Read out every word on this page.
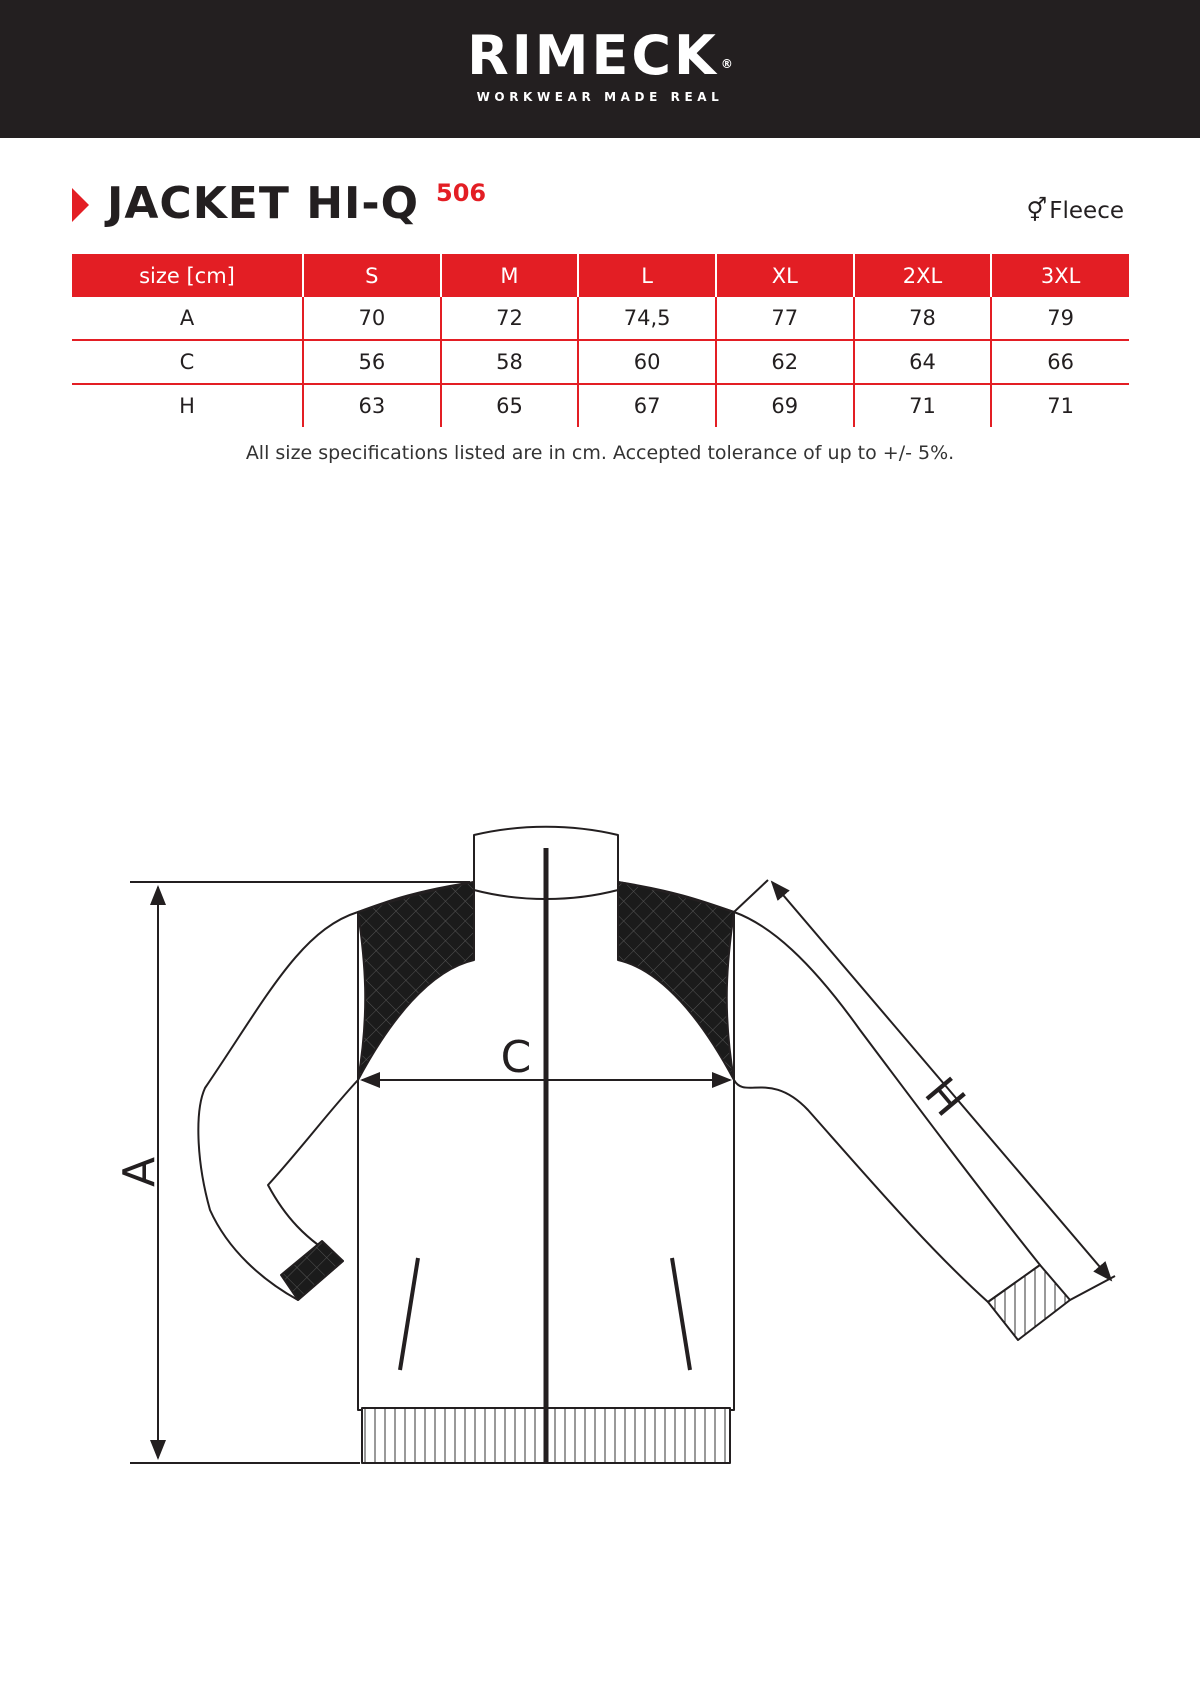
RIMECK ®
WORKWEAR MADE REAL
JACKET HI-Q 506
⚥Fleece
size [cm]	S	M	L	XL	2XL	3XL
A	70	72	74,5	77	78	79
C	56	58	60	62	64	66
H	63	65	67	69	71	71
All size specifications listed are in cm. Accepted tolerance of up to +/- 5%.
A
C
H
